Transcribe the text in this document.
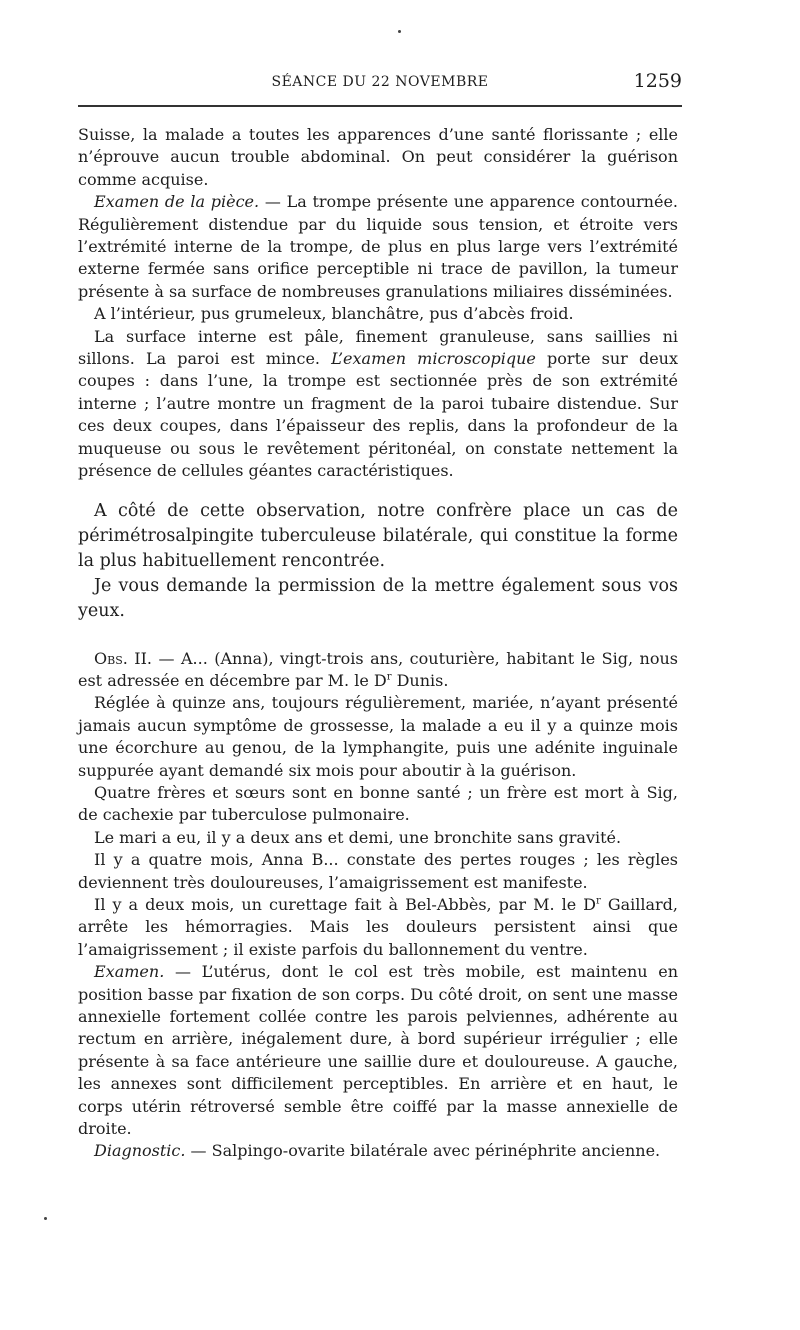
SÉANCE DU 22 NOVEMBRE	1259

Suisse, la malade a toutes les apparences d’une santé florissante ; elle n’éprouve aucun trouble abdominal. On peut considérer la guérison comme acquise.

Examen de la pièce. — La trompe présente une apparence contournée. Régulièrement distendue par du liquide sous tension, et étroite vers l’extrémité interne de la trompe, de plus en plus large vers l’extrémité externe fermée sans orifice perceptible ni trace de pavillon, la tumeur présente à sa surface de nombreuses granulations miliaires disséminées.

A l’intérieur, pus grumeleux, blanchâtre, pus d’abcès froid.

La surface interne est pâle, finement granuleuse, sans saillies ni sillons. La paroi est mince. L’examen microscopique porte sur deux coupes : dans l’une, la trompe est sectionnée près de son extrémité interne ; l’autre montre un fragment de la paroi tubaire distendue. Sur ces deux coupes, dans l’épaisseur des replis, dans la profondeur de la muqueuse ou sous le revêtement péritonéal, on constate nettement la présence de cellules géantes caractéristiques.

A côté de cette observation, notre confrère place un cas de périmétrosalpingite tuberculeuse bilatérale, qui constitue la forme la plus habituellement rencontrée.

Je vous demande la permission de la mettre également sous vos yeux.

Obs. II. — A... (Anna), vingt-trois ans, couturière, habitant le Sig, nous est adressée en décembre par M. le $D^r$ Dunis.

Réglée à quinze ans, toujours régulièrement, mariée, n’ayant présenté jamais aucun symptôme de grossesse, la malade a eu il y a quinze mois une écorchure au genou, de la lymphangite, puis une adénite inguinale suppurée ayant demandé six mois pour aboutir à la guérison.

Quatre frères et sœurs sont en bonne santé ; un frère est mort à Sig, de cachexie par tuberculose pulmonaire.

Le mari a eu, il y a deux ans et demi, une bronchite sans gravité.

Il y a quatre mois, Anna B... constate des pertes rouges ; les règles deviennent très douloureuses, l’amaigrissement est manifeste.

Il y a deux mois, un curettage fait à Bel-Abbès, par M. le $D^r$ Gaillard, arrête les hémorragies. Mais les douleurs persistent ainsi que l’amaigrissement ; il existe parfois du ballonnement du ventre.

Examen. — L’utérus, dont le col est très mobile, est maintenu en position basse par fixation de son corps. Du côté droit, on sent une masse annexielle fortement collée contre les parois pelviennes, adhérente au rectum en arrière, inégalement dure, à bord supérieur irrégulier ; elle présente à sa face antérieure une saillie dure et douloureuse. A gauche, les annexes sont difficilement perceptibles. En arrière et en haut, le corps utérin rétroversé semble être coiffé par la masse annexielle de droite.

Diagnostic. — Salpingo-ovarite bilatérale avec périnéphrite ancienne.
